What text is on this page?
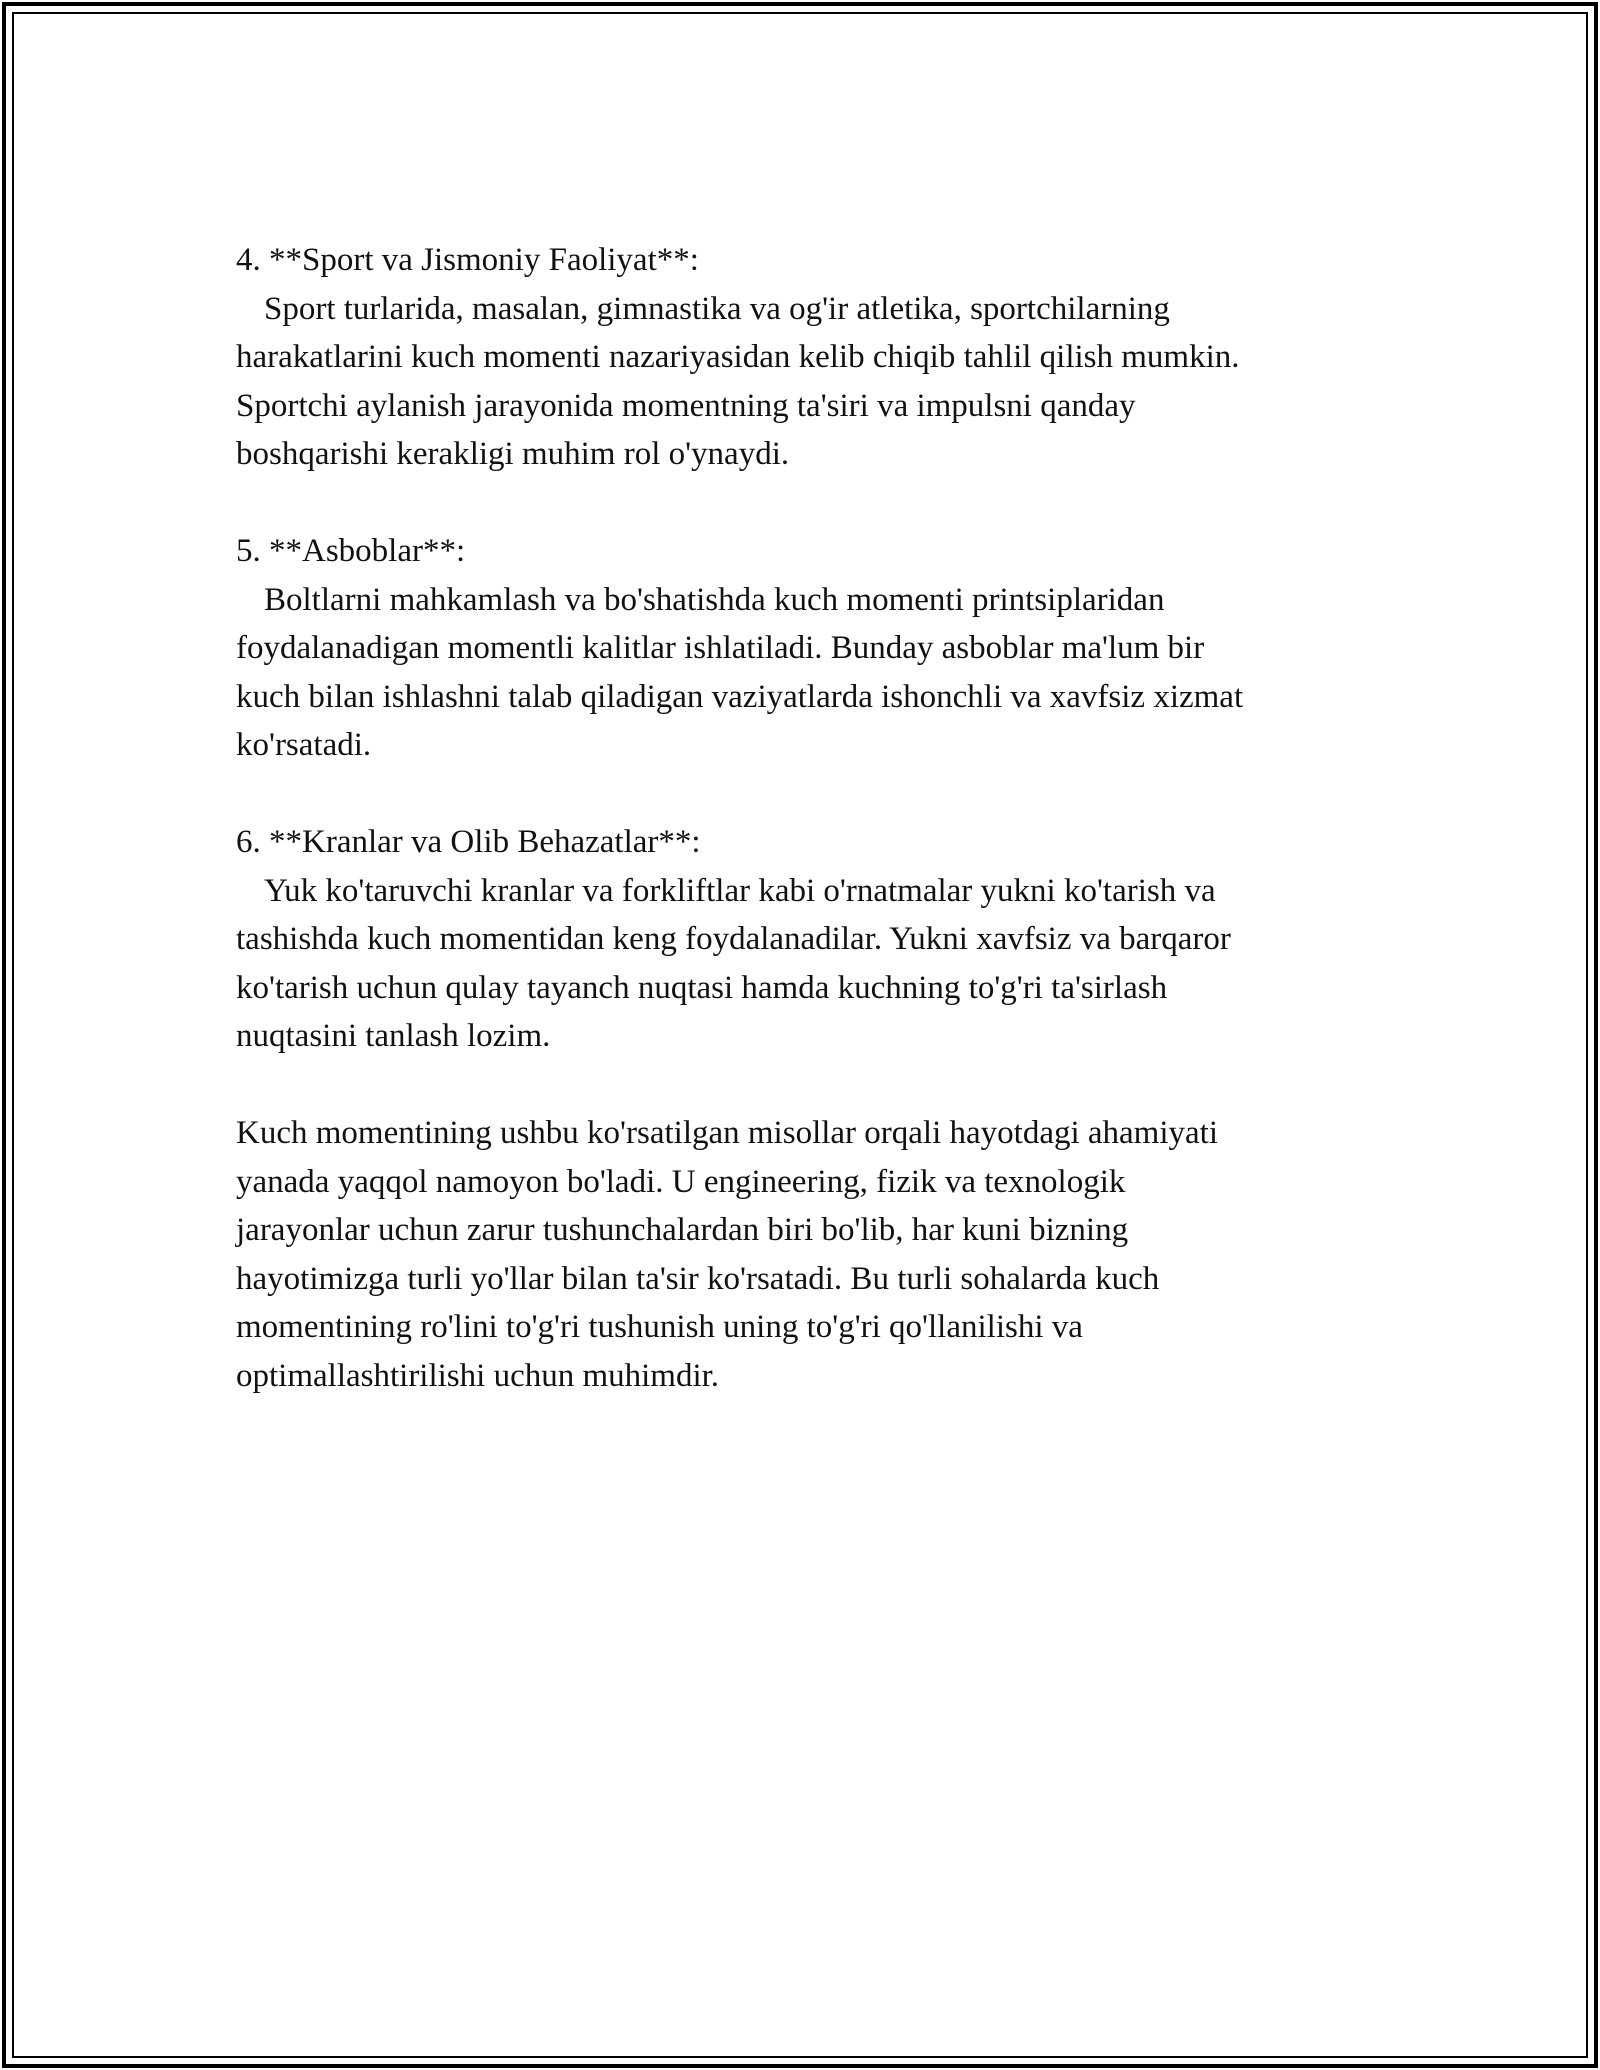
4. **Sport va Jismoniy Faoliyat**:

Sport turlarida, masalan, gimnastika va og'ir atletika, sportchilarning

harakatlarini kuch momenti nazariyasidan kelib chiqib tahlil qilish mumkin.

Sportchi aylanish jarayonida momentning ta'siri va impulsni qanday

boshqarishi kerakligi muhim rol o'ynaydi.

5. **Asboblar**:

Boltlarni mahkamlash va bo'shatishda kuch momenti printsiplaridan

foydalanadigan momentli kalitlar ishlatiladi. Bunday asboblar ma'lum bir

kuch bilan ishlashni talab qiladigan vaziyatlarda ishonchli va xavfsiz xizmat

ko'rsatadi.

6. **Kranlar va Olib Behazatlar**:

Yuk ko'taruvchi kranlar va forkliftlar kabi o'rnatmalar yukni ko'tarish va

tashishda kuch momentidan keng foydalanadilar. Yukni xavfsiz va barqaror

ko'tarish uchun qulay tayanch nuqtasi hamda kuchning to'g'ri ta'sirlash

nuqtasini tanlash lozim.

Kuch momentining ushbu ko'rsatilgan misollar orqali hayotdagi ahamiyati

yanada yaqqol namoyon bo'ladi. U engineering, fizik va texnologik

jarayonlar uchun zarur tushunchalardan biri bo'lib, har kuni bizning

hayotimizga turli yo'llar bilan ta'sir ko'rsatadi. Bu turli sohalarda kuch

momentining ro'lini to'g'ri tushunish uning to'g'ri qo'llanilishi va

optimallashtirilishi uchun muhimdir.
